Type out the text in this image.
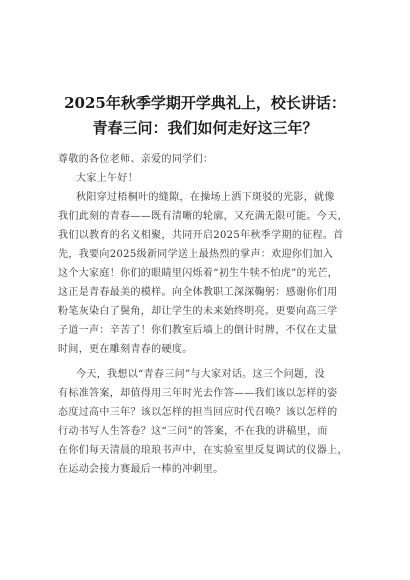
2025年秋季学期开学典礼上，校长讲话：
青春三问：我们如何走好这三年？
尊敬的各位老师、亲爱的同学们：
大家上午好！
秋阳穿过梧桐叶的缝隙，在操场上洒下斑驳的光影，就像
我们此刻的青春——既有清晰的轮廓，又充满无限可能。今天，
我们以教育的名义相聚，共同开启2025年秋季学期的征程。首
先，我要向2025级新同学送上最热烈的掌声：欢迎你们加入
这个大家庭！你们的眼睛里闪烁着“初生牛犊不怕虎”的光芒，
这正是青春最美的模样。向全体教职工深深鞠躬：感谢你们用
粉笔灰染白了鬓角，却让学生的未来始终明亮。更要向高三学
子道一声：辛苦了！你们教室后墙上的倒计时牌，不仅在丈量
时间，更在雕刻青春的硬度。
今天，我想以“青春三问”与大家对话。这三个问题，没
有标准答案，却值得用三年时光去作答——我们该以怎样的姿
态度过高中三年？该以怎样的担当回应时代召唤？该以怎样的
行动书写人生答卷？这“三问”的答案，不在我的讲稿里，而
在你们每天清晨的琅琅书声中，在实验室里反复调试的仪器上，
在运动会接力赛最后一棒的冲刺里。
